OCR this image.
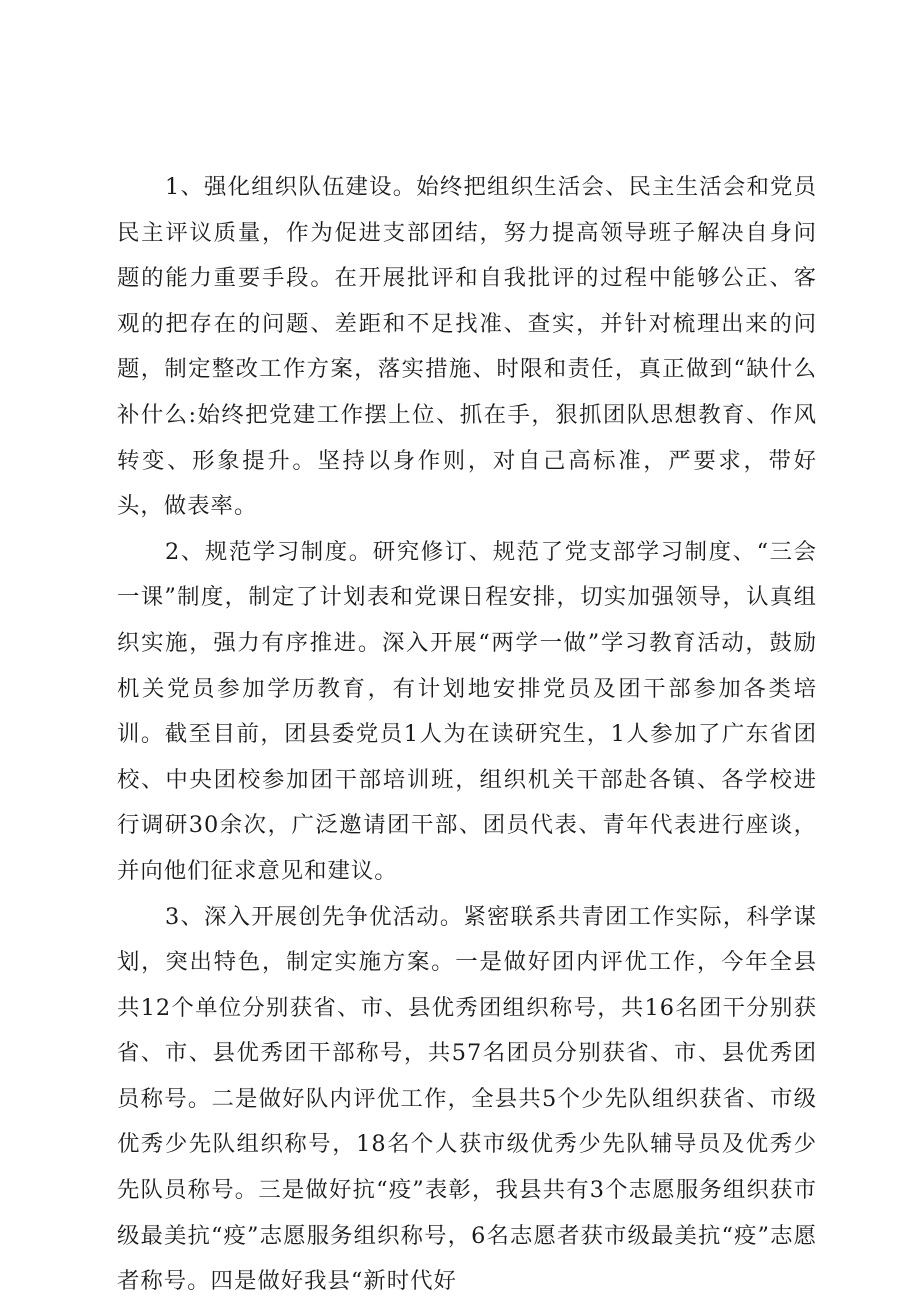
1、强化组织队伍建设。始终把组织生活会、民主生活会和党员民主评议质量，作为促进支部团结，努力提高领导班子解决自身问题的能力重要手段。在开展批评和自我批评的过程中能够公正、客观的把存在的问题、差距和不足找准、查实，并针对梳理出来的问题，制定整改工作方案，落实措施、时限和责任，真正做到“缺什么补什么:始终把党建工作摆上位、抓在手，狠抓团队思想教育、作风转变、形象提升。坚持以身作则，对自己高标准，严要求，带好头，做表率。

2、规范学习制度。研究修订、规范了党支部学习制度、“三会一课”制度，制定了计划表和党课日程安排，切实加强领导，认真组织实施，强力有序推进。深入开展“两学一做”学习教育活动，鼓励机关党员参加学历教育，有计划地安排党员及团干部参加各类培训。截至目前，团县委党员1人为在读研究生，1人参加了广东省团校、中央团校参加团干部培训班，组织机关干部赴各镇、各学校进行调研30余次，广泛邀请团干部、团员代表、青年代表进行座谈，并向他们征求意见和建议。

3、深入开展创先争优活动。紧密联系共青团工作实际，科学谋划，突出特色，制定实施方案。一是做好团内评优工作，今年全县共12个单位分别获省、市、县优秀团组织称号，共16名团干分别获省、市、县优秀团干部称号，共57名团员分别获省、市、县优秀团员称号。二是做好队内评优工作，全县共5个少先队组织获省、市级优秀少先队组织称号，18名个人获市级优秀少先队辅导员及优秀少先队员称号。三是做好抗“疫”表彰，我县共有3个志愿服务组织获市级最美抗“疫”志愿服务组织称号，6名志愿者获市级最美抗“疫”志愿者称号。四是做好我县“新时代好
